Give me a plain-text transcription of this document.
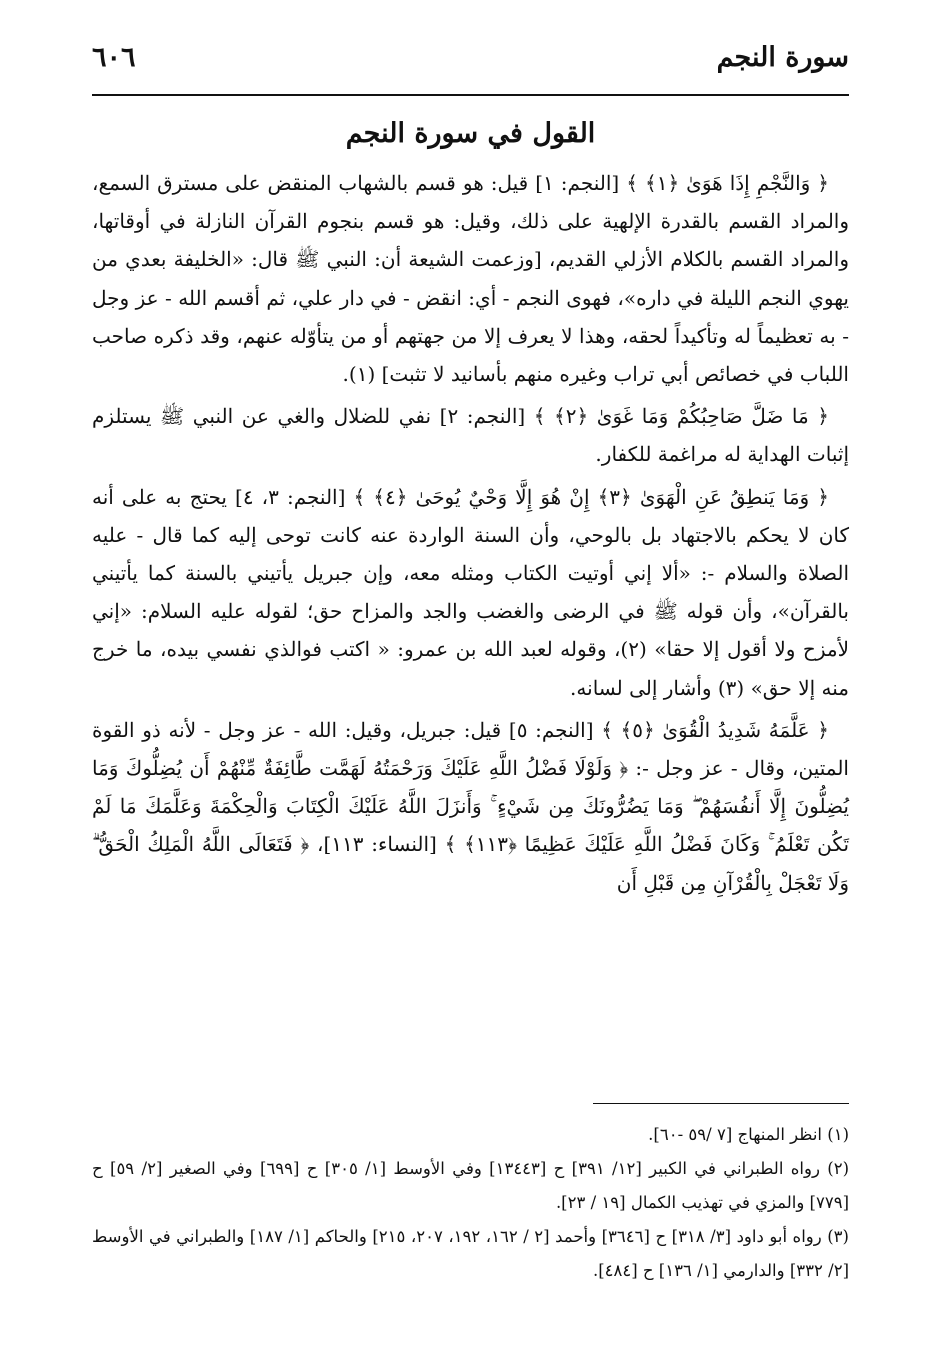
سورة النجم
٦٠٦
القول في سورة النجم

﴿ وَالنَّجْمِ إِذَا هَوَىٰ ﴿١﴾ ﴾ [النجم: ١] قيل: هو قسم بالشهاب المنقض على مسترق السمع، والمراد القسم بالقدرة الإلهية على ذلك، وقيل: هو قسم بنجوم القرآن النازلة في أوقاتها، والمراد القسم بالكلام الأزلي القديم، [وزعمت الشيعة أن: النبي ﷺ قال: «الخليفة بعدي من يهوي النجم الليلة في داره»، فهوى النجم - أي: انقض - في دار علي، ثم أقسم الله - عز وجل - به تعظيماً له وتأكيداً لحقه، وهذا لا يعرف إلا من جهتهم أو من يتأوّله عنهم، وقد ذكره صاحب اللباب في خصائص أبي تراب وغيره منهم بأسانيد لا تثبت] (١).

﴿ مَا ضَلَّ صَاحِبُكُمْ وَمَا غَوَىٰ ﴿٢﴾ ﴾ [النجم: ٢] نفي للضلال والغي عن النبي ﷺ يستلزم إثبات الهداية له مراغمة للكفار.

﴿ وَمَا يَنطِقُ عَنِ الْهَوَىٰ ﴿٣﴾ إِنْ هُوَ إِلَّا وَحْيٌ يُوحَىٰ ﴿٤﴾ ﴾ [النجم: ٣، ٤] يحتج به على أنه كان لا يحكم بالاجتهاد بل بالوحي، وأن السنة الواردة عنه كانت توحى إليه كما قال - عليه الصلاة والسلام -: «ألا إني أوتيت الكتاب ومثله معه، وإن جبريل يأتيني بالسنة كما يأتيني بالقرآن»، وأن قوله ﷺ في الرضى والغضب والجد والمزاح حق؛ لقوله عليه السلام: «إني لأمزح ولا أقول إلا حقا» (٢)، وقوله لعبد الله بن عمرو: « اكتب فوالذي نفسي بيده، ما خرج منه إلا حق» (٣) وأشار إلى لسانه.

﴿ عَلَّمَهُ شَدِيدُ الْقُوَىٰ ﴿٥﴾ ﴾ [النجم: ٥] قيل: جبريل، وقيل: الله - عز وجل - لأنه ذو القوة المتين، وقال - عز وجل -: ﴿ وَلَوْلَا فَضْلُ اللَّهِ عَلَيْكَ وَرَحْمَتُهُ لَهَمَّت طَّائِفَةٌ مِّنْهُمْ أَن يُضِلُّوكَ وَمَا يُضِلُّونَ إِلَّا أَنفُسَهُمْ ۖ وَمَا يَضُرُّونَكَ مِن شَيْءٍ ۚ وَأَنزَلَ اللَّهُ عَلَيْكَ الْكِتَابَ وَالْحِكْمَةَ وَعَلَّمَكَ مَا لَمْ تَكُن تَعْلَمُ ۚ وَكَانَ فَضْلُ اللَّهِ عَلَيْكَ عَظِيمًا ﴿١١٣﴾ ﴾ [النساء: ١١٣]، ﴿ فَتَعَالَى اللَّهُ الْمَلِكُ الْحَقُّ ۗ وَلَا تَعْجَلْ بِالْقُرْآنِ مِن قَبْلِ أَن

(١) انظر المنهاج [٧ /٥٩ -٦٠].

(٢) رواه الطبراني في الكبير [١٢/ ٣٩١] ح [١٣٤٤٣] وفي الأوسط [١/ ٣٠٥] ح [٦٩٩] وفي الصغير [٢/ ٥٩] ح [٧٧٩] والمزي في تهذيب الكمال [١٩ / ٢٣].

(٣) رواه أبو داود [٣/ ٣١٨] ح [٣٦٤٦] وأحمد [٢ / ١٦٢، ١٩٢، ٢٠٧، ٢١٥] والحاكم [١/ ١٨٧] والطبراني في الأوسط [٢/ ٣٣٢] والدارمي [١/ ١٣٦] ح [٤٨٤].
